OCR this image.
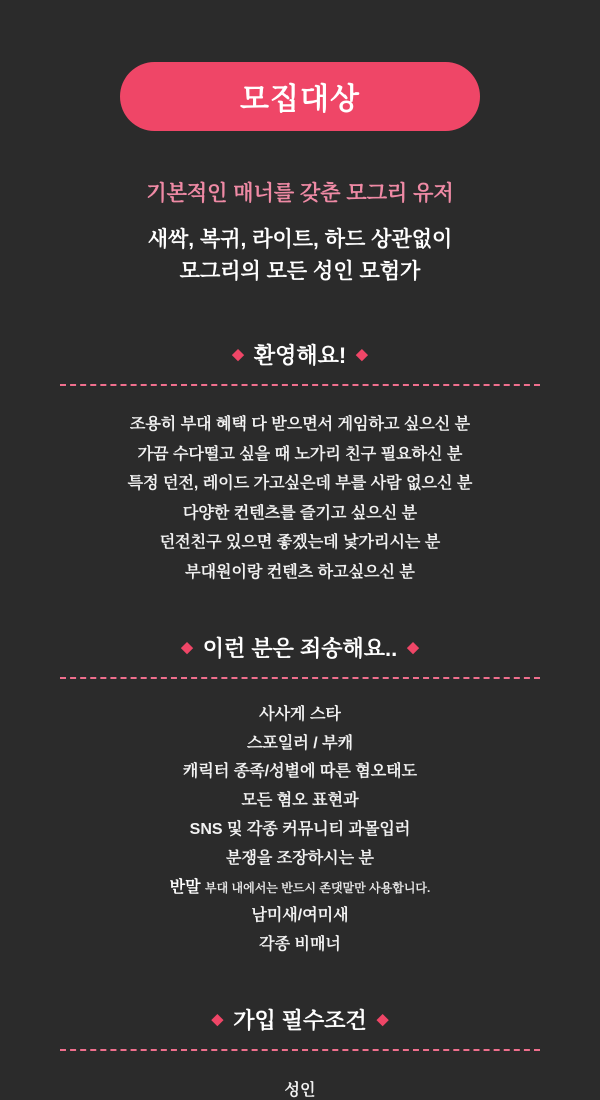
모집대상
기본적인 매너를 갖춘 모그리 유저
새싹, 복귀, 라이트, 하드 상관없이
모그리의 모든 성인 모험가
◆ 환영해요! ◆
조용히 부대 혜택 다 받으면서 게임하고 싶으신 분
가끔 수다떨고 싶을 때 노가리 친구 필요하신 분
특정 던전, 레이드 가고싶은데 부를 사람 없으신 분
다양한 컨텐츠를 즐기고 싶으신 분
던전친구 있으면 좋겠는데 낯가리시는 분
부대원이랑 컨텐츠 하고싶으신 분
◆ 이런 분은 죄송해요.. ◆
사사게 스타
스포일러 / 부캐
캐릭터 종족/성별에 따른 혐오태도
모든 혐오 표현과
SNS 및 각종 커뮤니티 과몰입러
분쟁을 조장하시는 분
반말 부대 내에서는 반드시 존댓말만 사용합니다.
남미새/여미새
각종 비매너
◆ 가입 필수조건 ◆
성인
